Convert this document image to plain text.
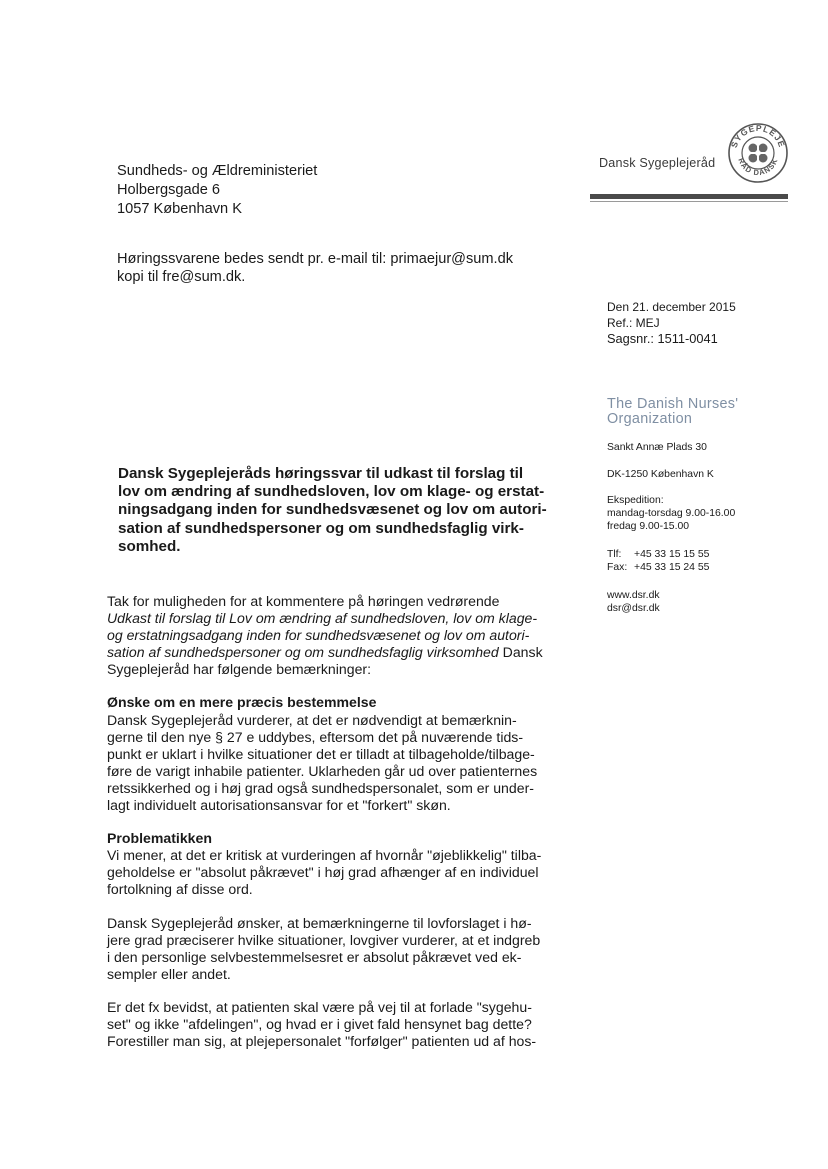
Sundheds- og Ældreministeriet
Holbergsgade 6
1057 København K
Høringssvarene bedes sendt pr. e-mail til: primaejur@sum.dk
kopi til fre@sum.dk.
Dansk Sygeplejeråd
SYGEPLEJE
RÅD DANSK
Den 21. december 2015
Ref.: MEJ
Sagsnr.: 1511-0041
The Danish Nurses'
Organization
Sankt Annæ Plads 30
DK-1250 København K
Ekspedition:
mandag-torsdag 9.00-16.00
fredag 9.00-15.00
Tlf: +45 33 15 15 55
Fax: +45 33 15 24 55
www.dsr.dk
dsr@dsr.dk
Dansk Sygeplejeråds høringssvar til udkast til forslag til
lov om ændring af sundhedsloven, lov om klage- og erstat-
ningsadgang inden for sundhedsvæsenet og lov om autori-
sation af sundhedspersoner og om sundhedsfaglig virk-
somhed.
Tak for muligheden for at kommentere på høringen vedrørende
Udkast til forslag til Lov om ændring af sundhedsloven, lov om klage-
og erstatningsadgang inden for sundhedsvæsenet og lov om autori-
sation af sundhedspersoner og om sundhedsfaglig virksomhed Dansk
Sygeplejeråd har følgende bemærkninger:
Ønske om en mere præcis bestemmelse
Dansk Sygeplejeråd vurderer, at det er nødvendigt at bemærknin-
gerne til den nye § 27 e uddybes, eftersom det på nuværende tids-
punkt er uklart i hvilke situationer det er tilladt at tilbageholde/tilbage-
føre de varigt inhabile patienter. Uklarheden går ud over patienternes
retssikkerhed og i høj grad også sundhedspersonalet, som er under-
lagt individuelt autorisationsansvar for et "forkert" skøn.
Problematikken
Vi mener, at det er kritisk at vurderingen af hvornår "øjeblikkelig" tilba-
geholdelse er "absolut påkrævet" i høj grad afhænger af en individuel
fortolkning af disse ord.
Dansk Sygeplejeråd ønsker, at bemærkningerne til lovforslaget i hø-
jere grad præciserer hvilke situationer, lovgiver vurderer, at et indgreb
i den personlige selvbestemmelsesret er absolut påkrævet ved ek-
sempler eller andet.
Er det fx bevidst, at patienten skal være på vej til at forlade "sygehu-
set" og ikke "afdelingen", og hvad er i givet fald hensynet bag dette?
Forestiller man sig, at plejepersonalet "forfølger" patienten ud af hos-
